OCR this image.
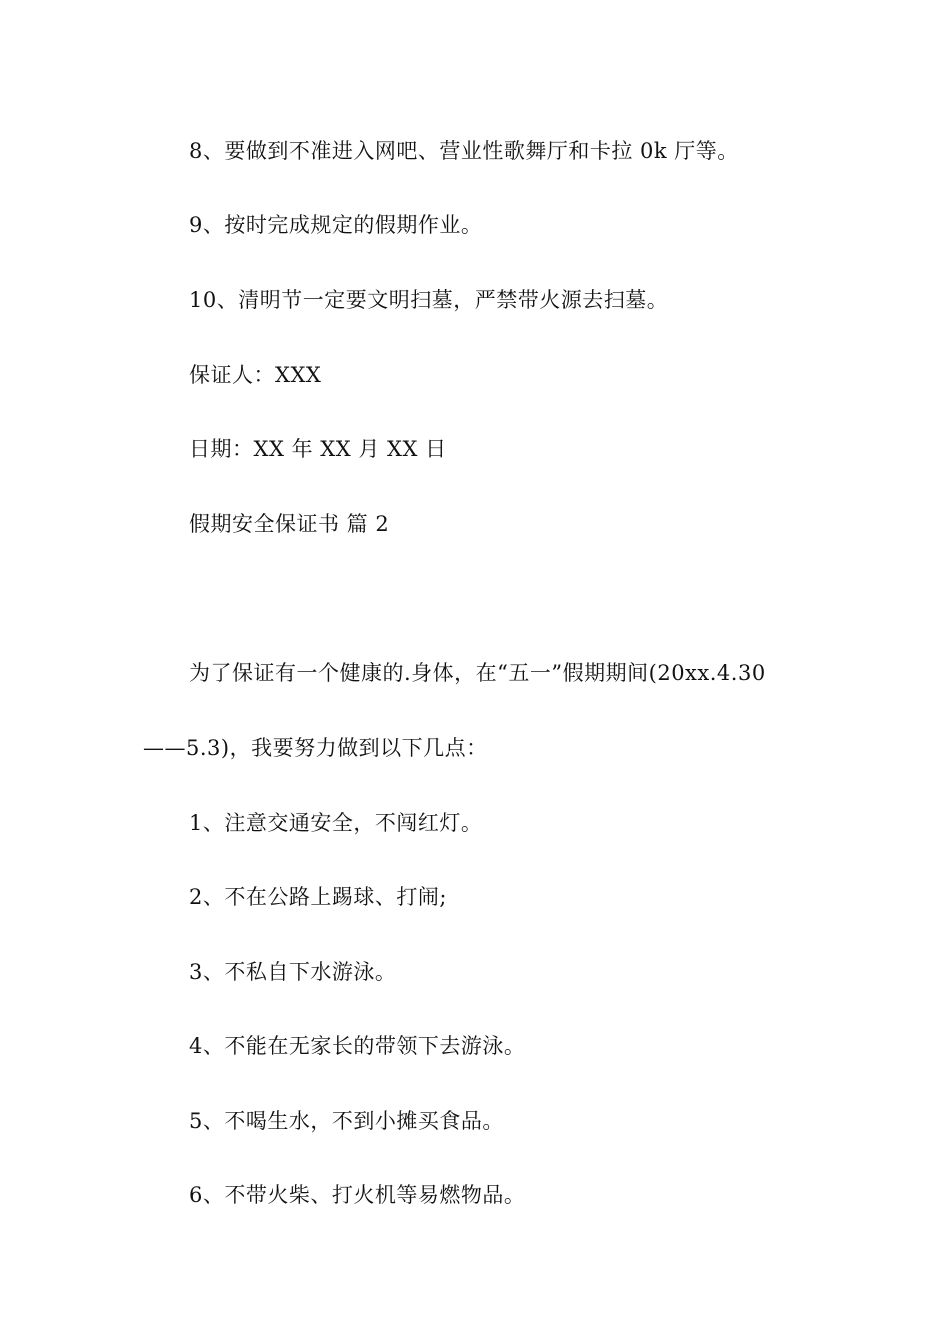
8、要做到不准进入网吧、营业性歌舞厅和卡拉 0k 厅等。
9、按时完成规定的假期作业。
10、清明节一定要文明扫墓，严禁带火源去扫墓。
保证人：XXX
日期：XX 年 XX 月 XX 日
假期安全保证书 篇 2
为了保证有一个健康的.身体，在“五一”假期期间(20xx.4.30
——5.3)，我要努力做到以下几点：
1、注意交通安全，不闯红灯。
2、不在公路上踢球、打闹;
3、不私自下水游泳。
4、不能在无家长的带领下去游泳。
5、不喝生水，不到小摊买食品。
6、不带火柴、打火机等易燃物品。
